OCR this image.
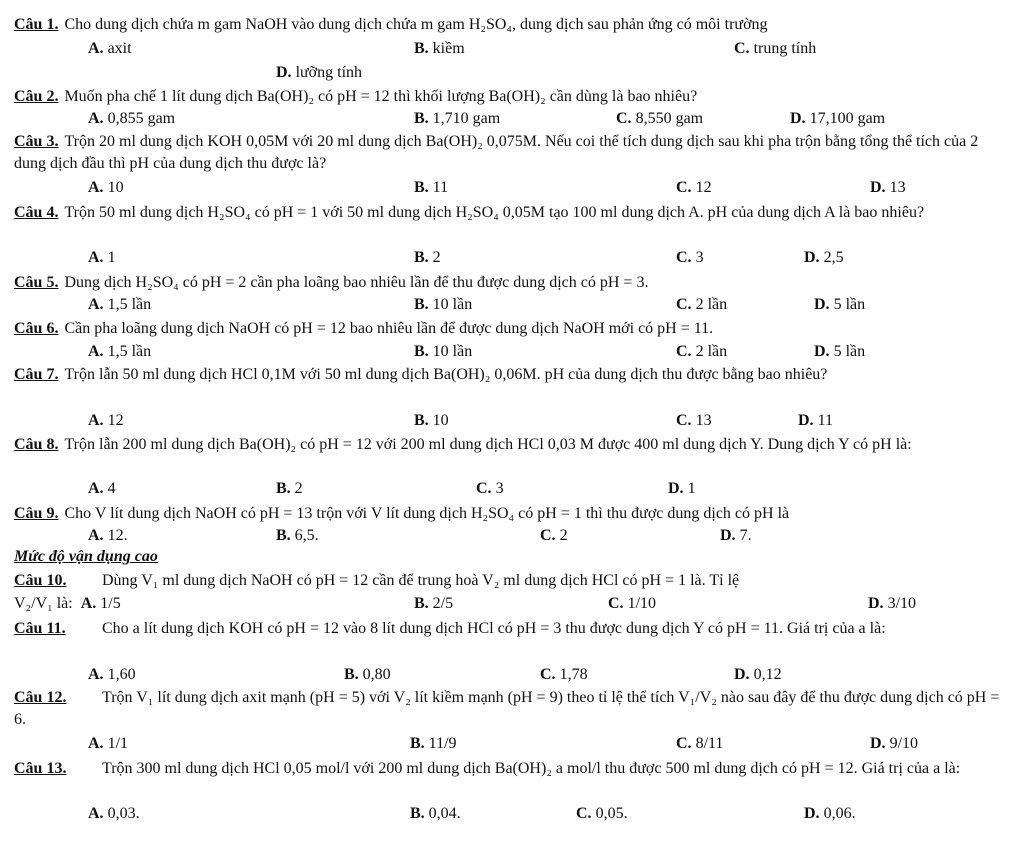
Câu 1. Cho dung dịch chứa m gam NaOH vào dung dịch chứa m gam H₂SO₄, dung dịch sau phản ứng có môi trường
A. axit	B. kiềm	C. trung tính
D. lưỡng tính
Câu 2. Muốn pha chế 1 lít dung dịch Ba(OH)₂ có pH = 12 thì khối lượng Ba(OH)₂ cần dùng là bao nhiêu?
A. 0,855 gam	B. 1,710 gam	C. 8,550 gam	D. 17,100 gam
Câu 3. Trộn 20 ml dung dịch KOH 0,05M với 20 ml dung dịch Ba(OH)₂ 0,075M. Nếu coi thể tích dung dịch sau khi pha trộn bằng tổng thể tích của 2 dung dịch đầu thì pH của dung dịch thu được là?
A. 10	B. 11	C. 12	D. 13
Câu 4. Trộn 50 ml dung dịch H₂SO₄ có pH = 1 với 50 ml dung dịch H₂SO₄ 0,05M tạo 100 ml dung dịch A. pH của dung dịch A là bao nhiêu?
A. 1	B. 2	C. 3	D. 2,5
Câu 5. Dung dịch H₂SO₄ có pH = 2 cần pha loãng bao nhiêu lần để thu được dung dịch có pH = 3.
A. 1,5 lần	B. 10 lần	C. 2 lần	D. 5 lần
Câu 6. Cần pha loãng dung dịch NaOH có pH = 12 bao nhiêu lần để được dung dịch NaOH mới có pH = 11.
A. 1,5 lần	B. 10 lần	C. 2 lần	D. 5 lần
Câu 7. Trộn lẫn 50 ml dung dịch HCl 0,1M với 50 ml dung dịch Ba(OH)₂ 0,06M. pH của dung dịch thu được bằng bao nhiêu?
A. 12	B. 10	C. 13	D. 11
Câu 8. Trộn lẫn 200 ml dung dịch Ba(OH)₂ có pH = 12 với 200 ml dung dịch HCl 0,03 M được 400 ml dung dịch Y. Dung dịch Y có pH là:
A. 4	B. 2	C. 3	D. 1
Câu 9. Cho V lít dung dịch NaOH có pH = 13 trộn với V lít dung dịch H₂SO₄ có pH = 1 thì thu được dung dịch có pH là
A. 12.	B. 6,5.	C. 2	D. 7.
Mức độ vận dụng cao
Câu 10. Dùng V₁ ml dung dịch NaOH có pH = 12 cần để trung hoà V₂ ml dung dịch HCl có pH = 1 là. Tỉ lệ
V₂/V₁ là: A. 1/5	B. 2/5	C. 1/10	D. 3/10
Câu 11. Cho a lít dung dịch KOH có pH = 12 vào 8 lít dung dịch HCl có pH = 3 thu được dung dịch Y có pH = 11. Giá trị của a là:
A. 1,60	B. 0,80	C. 1,78	D. 0,12
Câu 12. Trộn V₁ lít dung dịch axit mạnh (pH = 5) với V₂ lít kiềm mạnh (pH = 9) theo tỉ lệ thể tích V₁/V₂ nào sau đây để thu được dung dịch có pH = 6.
A. 1/1	B. 11/9	C. 8/11	D. 9/10
Câu 13. Trộn 300 ml dung dịch HCl 0,05 mol/l với 200 ml dung dịch Ba(OH)₂ a mol/l thu được 500 ml dung dịch có pH = 12. Giá trị của a là:
A. 0,03.	B. 0,04.	C. 0,05.	D. 0,06.
